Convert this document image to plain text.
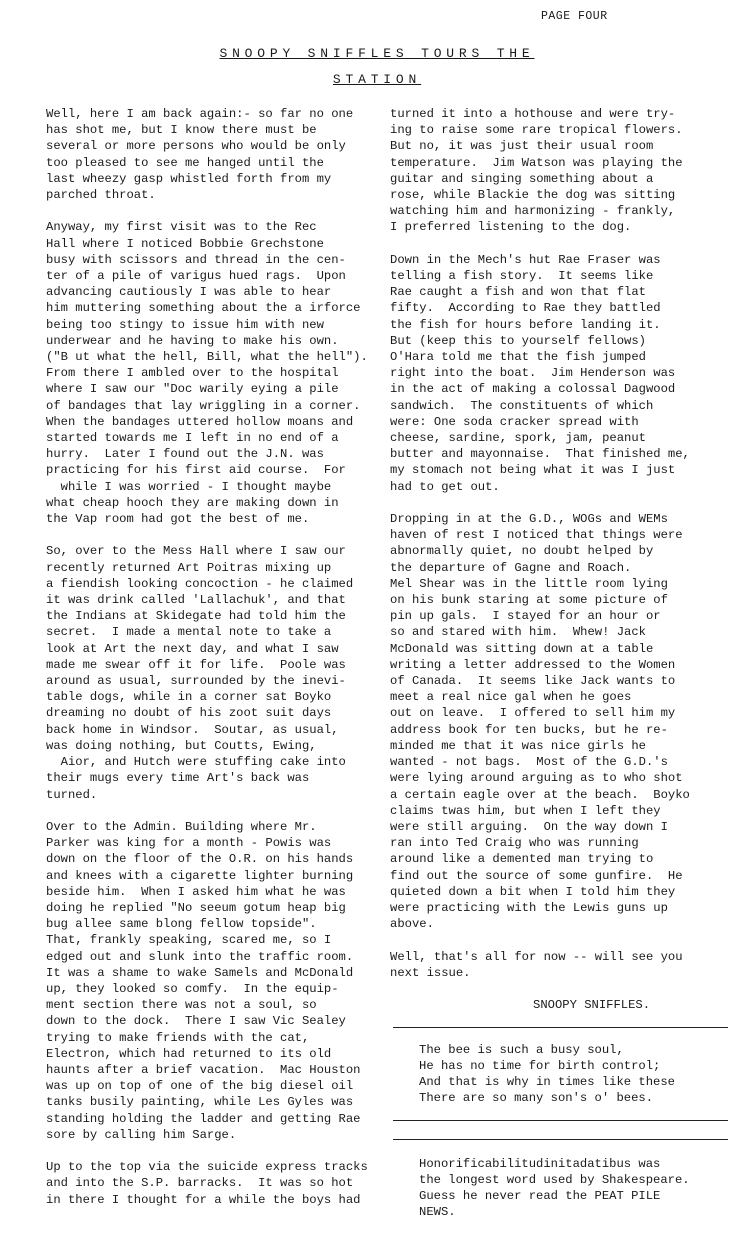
PAGE FOUR
SNOOPY SNIFFLES TOURS THE
STATION
Well, here I am back again:- so far no one
has shot me, but I know there must be
several or more persons who would be only
too pleased to see me hanged until the
last wheezy gasp whistled forth from my
parched throat.
Anyway, my first visit was to the Rec
Hall where I noticed Bobbie Grechstone
busy with scissors and thread in the cen-
ter of a pile of varigus hued rags.  Upon
advancing cautiously I was able to hear
him muttering something about the a irforce
being too stingy to issue him with new
underwear and he having to make his own.
("B ut what the hell, Bill, what the hell").
From there I ambled over to the hospital
where I saw our "Doc warily eying a pile
of bandages that lay wriggling in a corner.
When the bandages uttered hollow moans and
started towards me I left in no end of a
hurry.  Later I found out the J.N. was
practicing for his first aid course.  For
while I was worried - I thought maybe
what cheap hooch they are making down in
the Vap room had got the best of me.
So, over to the Mess Hall where I saw our
recently returned Art Poitras mixing up
a fiendish looking concoction - he claimed
it was drink called 'Lallachuk', and that
the Indians at Skidegate had told him the
secret.  I made a mental note to take a
look at Art the next day, and what I saw
made me swear off it for life.  Poole was
around as usual, surrounded by the inevi-
table dogs, while in a corner sat Boyko
dreaming no doubt of his zoot suit days
back home in Windsor.  Soutar, as usual,
was doing nothing, but Coutts, Ewing,
Aior, and Hutch were stuffing cake into
their mugs every time Art's back was
turned.
Over to the Admin. Building where Mr.
Parker was king for a month - Powis was
down on the floor of the O.R. on his hands
and knees with a cigarette lighter burning
beside him.  When I asked him what he was
doing he replied "No seeum gotum heap big
bug allee same blong fellow topside".
That, frankly speaking, scared me, so I
edged out and slunk into the traffic room.
It was a shame to wake Samels and McDonald
up, they looked so comfy.  In the equip-
ment section there was not a soul, so
down to the dock.  There I saw Vic Sealey
trying to make friends with the cat,
Electron, which had returned to its old
haunts after a brief vacation.  Mac Houston
was up on top of one of the big diesel oil
tanks busily painting, while Les Gyles was
standing holding the ladder and getting Rae
sore by calling him Sarge.
Up to the top via the suicide express tracks
and into the S.P. barracks.  It was so hot
in there I thought for a while the boys had
turned it into a hothouse and were try-
ing to raise some rare tropical flowers.
But no, it was just their usual room
temperature.  Jim Watson was playing the
guitar and singing something about a
rose, while Blackie the dog was sitting
watching him and harmonizing - frankly,
I preferred listening to the dog.
Down in the Mech's hut Rae Fraser was
telling a fish story.  It seems like
Rae caught a fish and won that flat
fifty.  According to Rae they battled
the fish for hours before landing it.
But (keep this to yourself fellows)
O'Hara told me that the fish jumped
right into the boat.  Jim Henderson was
in the act of making a colossal Dagwood
sandwich.  The constituents of which
were: One soda cracker spread with
cheese, sardine, spork, jam, peanut
butter and mayonnaise.  That finished me,
my stomach not being what it was I just
had to get out.
Dropping in at the G.D., WOGs and WEMs
haven of rest I noticed that things were
abnormally quiet, no doubt helped by
the departure of Gagne and Roach.
Mel Shear was in the little room lying
on his bunk staring at some picture of
pin up gals.  I stayed for an hour or
so and stared with him.  Whew! Jack
McDonald was sitting down at a table
writing a letter addressed to the Women
of Canada.  It seems like Jack wants to
meet a real nice gal when he goes
out on leave.  I offered to sell him my
address book for ten bucks, but he re-
minded me that it was nice girls he
wanted - not bags.  Most of the G.D.'s
were lying around arguing as to who shot
a certain eagle over at the beach.  Boyko
claims twas him, but when I left they
were still arguing.  On the way down I
ran into Ted Craig who was running
around like a demented man trying to
find out the source of some gunfire.  He
quieted down a bit when I told him they
were practicing with the Lewis guns up
above.
Well, that's all for now -- will see you
next issue.
SNOOPY SNIFFLES.
The bee is such a busy soul,
He has no time for birth control;
And that is why in times like these
There are so many son's o' bees.
Honorificabilitudinitadatibus was
the longest word used by Shakespeare.
Guess he never read the PEAT PILE
NEWS.
